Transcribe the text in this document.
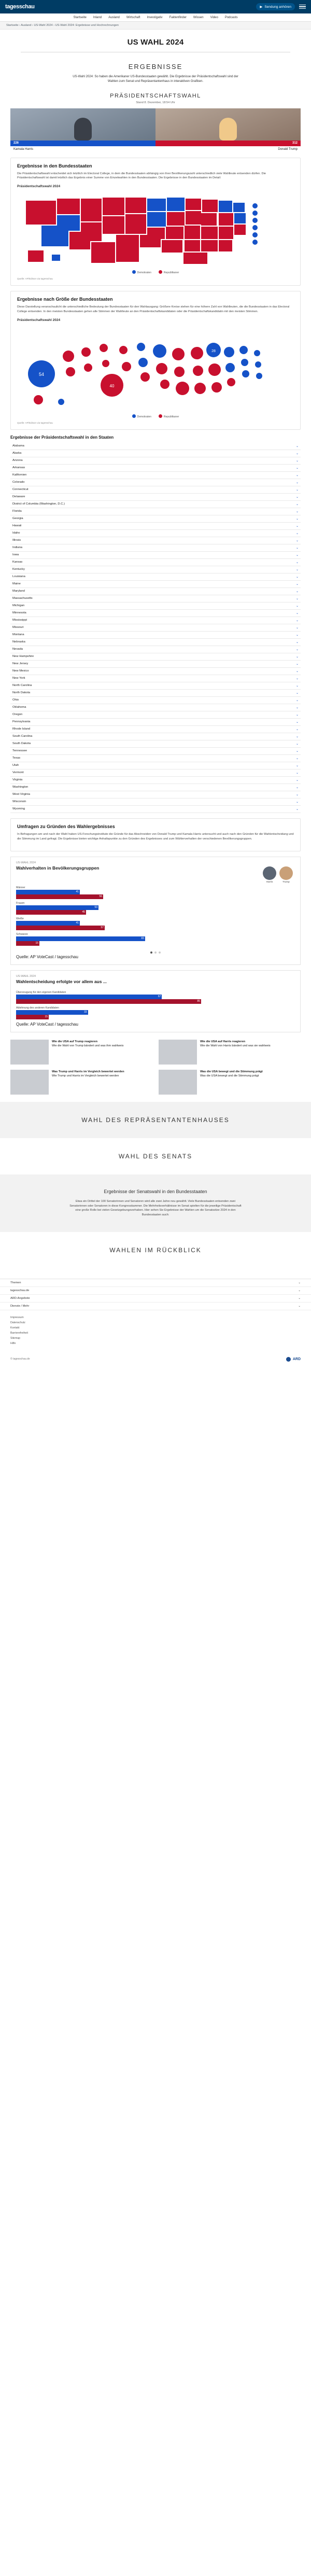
tagesschau	▶ Sendung anhören
Startseite Inland Ausland Wirtschaft Investigativ Faktenfinder Wissen Video Podcasts
Startseite › Ausland › US-Wahl 2024 › US-Wahl 2024: Ergebnisse und Hochrechnungen
US WAHL 2024
ERGEBNISSE

US-Wahl 2024: So haben die Amerikaner US-Bundesstaaten gewählt. Die Ergebnisse der Präsidentschaftswahl sind der Wahlen zum Senat und Repräsentantenhaus in interaktiven Grafiken.

PRÄSIDENTSCHAFTSWAHL
Stand 8. Dezember, 18:54 Uhr
226
Kamala Harris
312
Donald Trump
Ergebnisse in den Bundesstaaten

Die Präsidentschaftswahl entscheidet sich letztlich im Electoral College, in dem die Bundesstaaten abhängig von ihrer Bevölkerungszahl unterschiedlich viele Wahlleute entsenden dürfen. Die Präsidentschaftswahl ist damit letztlich das Ergebnis einer Summe von Einzelwahlen in den Bundesstaaten. Die Ergebnisse in den Bundesstaaten im Detail:

Präsidentschaftswahl 2024
Demokraten	Republikaner
Quelle: AP/Edison via tagesschau
Ergebnisse nach Größe der Bundesstaaten

Diese Darstellung veranschaulicht die unterschiedliche Bedeutung der Bundesstaaten für den Wahlausgang: Größere Kreise stehen für eine höhere Zahl von Wahlleuten, die die Bundesstaaten in das Electoral College entsenden. In den meisten Bundesstaaten gehen alle Stimmen der Wahlleute an den Präsidentschaftskandidaten oder die Präsidentschaftskandidatin mit den meisten Stimmen.

Präsidentschaftswahl 2024
54
40
28
Demokraten	Republikaner
Quelle: AP/Edison via tagesschau
Ergebnisse der Präsidentschaftswahl in den Staaten
Alabama	⌄
Alaska	⌄
Arizona	⌄
Arkansas	⌄
Kalifornien	⌄
Colorado	⌄
Connecticut	⌄
Delaware	⌄
District of Columbia (Washington, D.C.)	⌄
Florida	⌄
Georgia	⌄
Hawaii	⌄
Idaho	⌄
Illinois	⌄
Indiana	⌄
Iowa	⌄
Kansas	⌄
Kentucky	⌄
Louisiana	⌄
Maine	⌄
Maryland	⌄
Massachusetts	⌄
Michigan	⌄
Minnesota	⌄
Mississippi	⌄
Missouri	⌄
Montana	⌄
Nebraska	⌄
Nevada	⌄
New Hampshire	⌄
New Jersey	⌄
New Mexico	⌄
New York	⌄
North Carolina	⌄
North Dakota	⌄
Ohio	⌄
Oklahoma	⌄
Oregon	⌄
Pennsylvania	⌄
Rhode Island	⌄
South Carolina	⌄
South Dakota	⌄
Tennessee	⌄
Texas	⌄
Utah	⌄
Vermont	⌄
Virginia	⌄
Washington	⌄
West Virginia	⌄
Wisconsin	⌄
Wyoming	⌄
Umfragen zu Gründen des Wahlergebnisses

In Befragungen am und nach der Wahl haben US-Forschungsinstitute die Gründe für das Abschneiden von Donald Trump und Kamala Harris untersucht und auch nach den Gründen für die Wahlentscheidung und die Stimmung im Land gefragt. Die Ergebnisse bieten wichtige Anhaltspunkte zu den Gründen des Ergebnisses und zum Wählerverhalten der verschiedenen Bevölkerungsgruppen.

US-WAHL 2024
Wahlverhalten in Bevölkerungsgruppen
Harris	Trump
Männer
41
56
Frauen
53
45
Weiße
41
57
Schwarze
83
15
Quelle: AP VoteCast / tagesschau
US-WAHL 2024
Wahlentscheidung erfolgte vor allem aus ...
Überzeugung für den eigenen Kandidaten
67
85
Ablehnung des anderen Kandidaten
33
15
Quelle: AP VoteCast / tagesschau
Wie die USA auf Trump reagieren
Wie die Wahl von Trump bändert und was ihm wahlweis
Wie die USA auf Harris reagieren
Wie die Wahl von Harris bändert und was sie wahlweis
Was Trump und Harris im Vergleich bewertet werden
Wie Trump und Harris im Vergleich bewertet werden
Was die USA bewegt und die Stimmung prägt
Was die USA bewegt und die Stimmung prägt
WAHL DES REPRÄSENTANTENHAUSES
WAHL DES SENATS
Ergebnisse der Senatswahl in den Bundesstaaten

Etwa ein Drittel der 100 Senatorinnen und Senatoren wird alle zwei Jahre neu gewählt. Viele Bundesstaaten entsenden zwei Senatorinnen oder Senatoren in diese Kongresskammer. Die Mehrheitsverhältnisse im Senat spielten für die jeweilige Präsidentschaft eine große Rolle bei vielen Gesetzgebungsvorhaben. Hier sehen Sie Ergebnisse der Wahlen um die Senatssitze 2024 in den Bundesstaaten auch:

WAHLEN IM RÜCKBLICK
Themen	⌄
tagesschau.de	⌄
ARD-Angebote	⌄
Dienste / Mehr	⌄
Impressum
Datenschutz
Kontakt
Barrierefreiheit
Sitemap
Hilfe
© tagesschau.de	ARD
